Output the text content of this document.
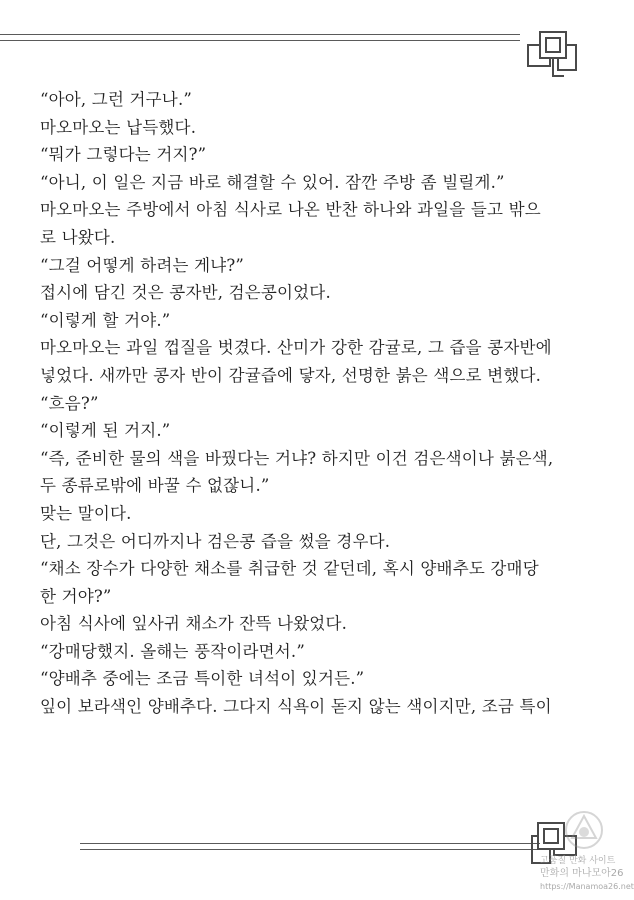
“아아, 그런 거구나.”
마오마오는 납득했다.
“뭐가 그렇다는 거지?”
“아니, 이 일은 지금 바로 해결할 수 있어. 잠깐 주방 좀 빌릴게.”
마오마오는 주방에서 아침 식사로 나온 반찬 하나와 과일을 들고 밖으
로 나왔다.
“그걸 어떻게 하려는 게냐?”
접시에 담긴 것은 콩자반, 검은콩이었다.
“이렇게 할 거야.”
마오마오는 과일 껍질을 벗겼다. 산미가 강한 감귤로, 그 즙을 콩자반에
넣었다. 새까만 콩자 반이 감귤즙에 닿자, 선명한 붉은 색으로 변했다.
“흐음?”
“이렇게 된 거지.”
“즉, 준비한 물의 색을 바꿨다는 거냐? 하지만 이건 검은색이나 붉은색,
두 종류로밖에 바꿀 수 없잖니.”
맞는 말이다.
단, 그것은 어디까지나 검은콩 즙을 썼을 경우다.
“채소 장수가 다양한 채소를 취급한 것 같던데, 혹시 양배추도 강매당
한 거야?”
아침 식사에 잎사귀 채소가 잔뜩 나왔었다.
“강매당했지. 올해는 풍작이라면서.”
“양배추 중에는 조금 특이한 녀석이 있거든.”
잎이 보라색인 양배추다. 그다지 식욕이 돋지 않는 색이지만, 조금 특이
고품질 만화 사이트
만화의 마나모아26
https://Manamoa26.net
